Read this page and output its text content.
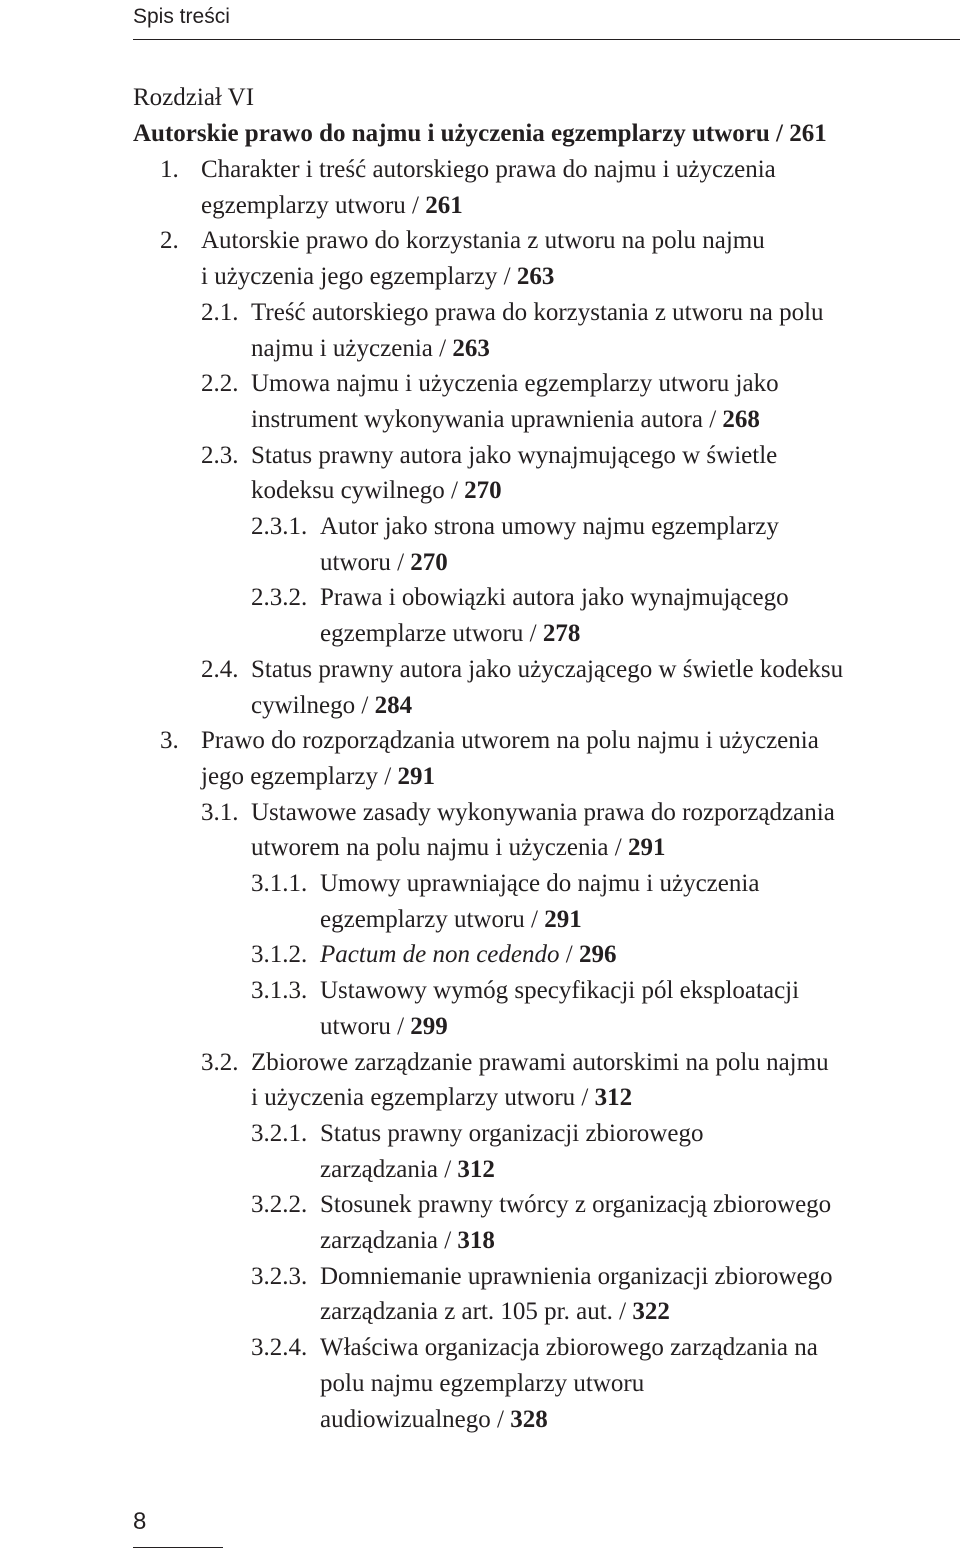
Spis treści
Rozdział VI
Autorskie prawo do najmu i użyczenia egzemplarzy utworu / 261
1. Charakter i treść autorskiego prawa do najmu i użyczenia
egzemplarzy utworu / 261
2. Autorskie prawo do korzystania z utworu na polu najmu
i użyczenia jego egzemplarzy / 263
2.1. Treść autorskiego prawa do korzystania z utworu na polu
najmu i użyczenia / 263
2.2. Umowa najmu i użyczenia egzemplarzy utworu jako
instrument wykonywania uprawnienia autora / 268
2.3. Status prawny autora jako wynajmującego w świetle
kodeksu cywilnego / 270
2.3.1. Autor jako strona umowy najmu egzemplarzy
utworu / 270
2.3.2. Prawa i obowiązki autora jako wynajmującego
egzemplarze utworu / 278
2.4. Status prawny autora jako użyczającego w świetle kodeksu
cywilnego / 284
3. Prawo do rozporządzania utworem na polu najmu i użyczenia
jego egzemplarzy / 291
3.1. Ustawowe zasady wykonywania prawa do rozporządzania
utworem na polu najmu i użyczenia / 291
3.1.1. Umowy uprawniające do najmu i użyczenia
egzemplarzy utworu / 291
3.1.2. Pactum de non cedendo / 296
3.1.3. Ustawowy wymóg specyfikacji pól eksploatacji
utworu / 299
3.2. Zbiorowe zarządzanie prawami autorskimi na polu najmu
i użyczenia egzemplarzy utworu / 312
3.2.1. Status prawny organizacji zbiorowego
zarządzania / 312
3.2.2. Stosunek prawny twórcy z organizacją zbiorowego
zarządzania / 318
3.2.3. Domniemanie uprawnienia organizacji zbiorowego
zarządzania z art. 105 pr. aut. / 322
3.2.4. Właściwa organizacja zbiorowego zarządzania na
polu najmu egzemplarzy utworu
audiowizualnego / 328
8
